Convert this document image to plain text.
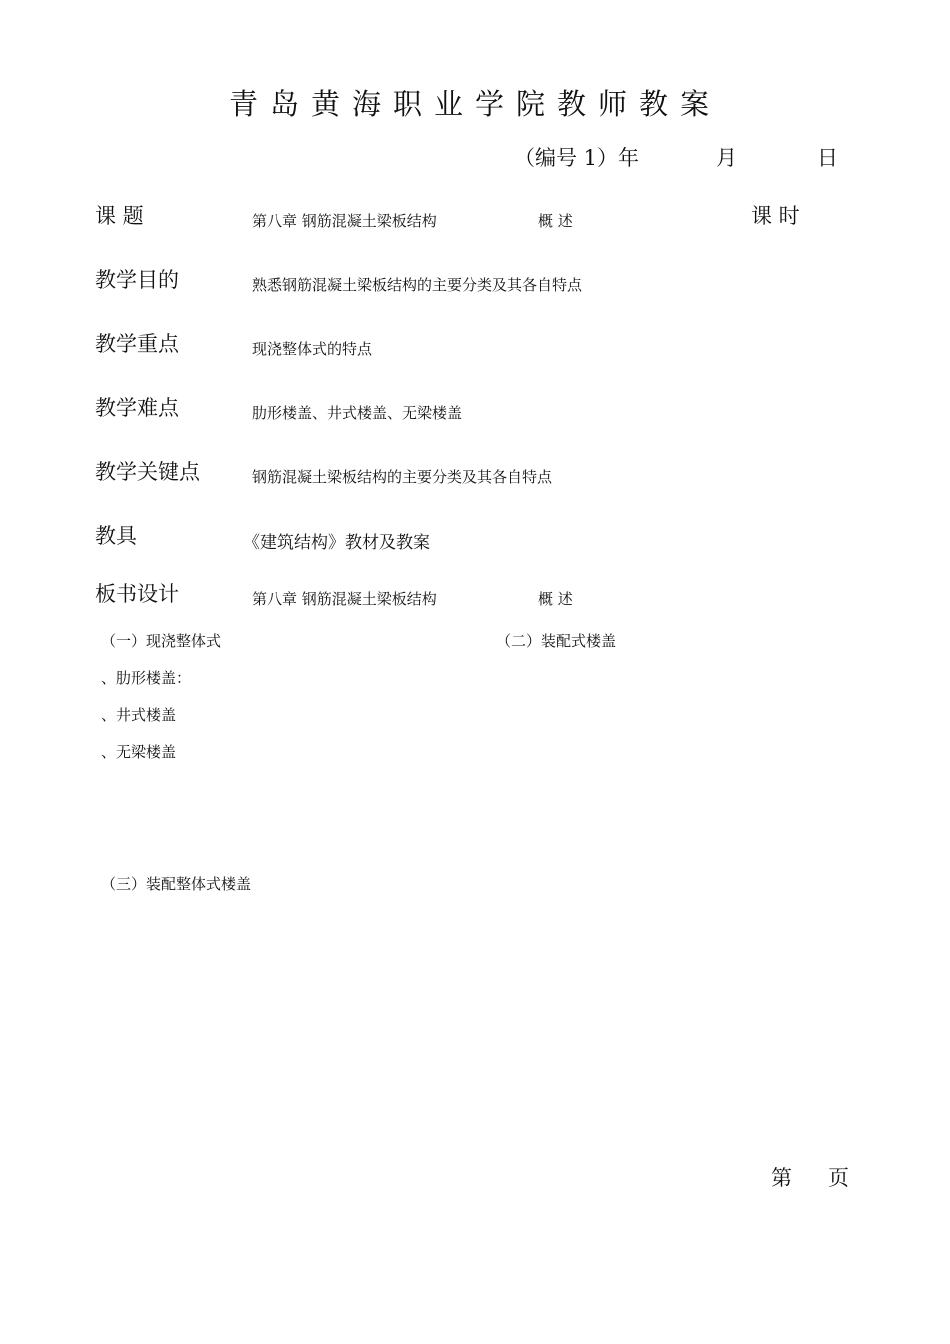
青岛黄海职业学院教师教案
（编号 1）年	月	日
课 题	第八章 钢筋混凝土梁板结构	概 述	课 时
教学目的	熟悉钢筋混凝土梁板结构的主要分类及其各自特点
教学重点	现浇整体式的特点
教学难点	肋形楼盖、井式楼盖、无梁楼盖
教学关键点	钢筋混凝土梁板结构的主要分类及其各自特点
教具	《建筑结构》教材及教案
板书设计	第八章 钢筋混凝土梁板结构	概 述
（一）现浇整体式	（二）装配式楼盖
、肋形楼盖：
、井式楼盖
、无梁楼盖
（三）装配整体式楼盖
第 页
